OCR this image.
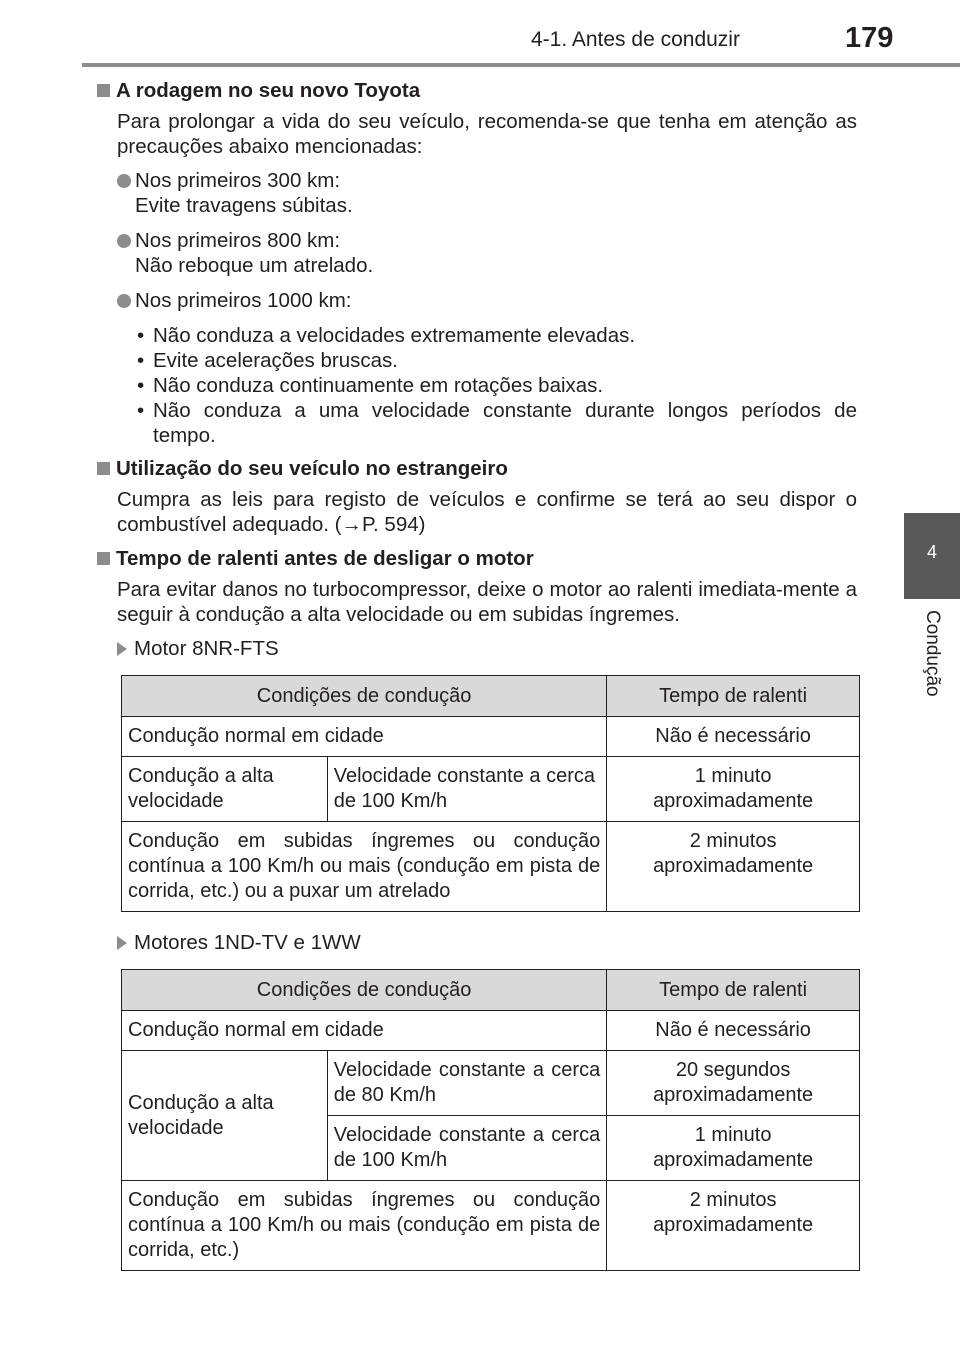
4-1. Antes de conduzir	179
4
Condução
A rodagem no seu novo Toyota

Para prolongar a vida do seu veículo, recomenda-se que tenha em atenção as precauções abaixo mencionadas:

Nos primeiros 300 km:
Evite travagens súbitas.
Nos primeiros 800 km:
Não reboque um atrelado.
Nos primeiros 1000 km:
• Não conduza a velocidades extremamente elevadas.
• Evite acelerações bruscas.
• Não conduza continuamente em rotações baixas.
• Não conduza a uma velocidade constante durante longos períodos de tempo.
Utilização do seu veículo no estrangeiro

Cumpra as leis para registo de veículos e confirme se terá ao seu dispor o combustível adequado. (→P. 594)

Tempo de ralenti antes de desligar o motor

Para evitar danos no turbocompressor, deixe o motor ao ralenti imediata-mente a seguir à condução a alta velocidade ou em subidas íngremes.

Motor 8NR-FTS
Condições de condução		Tempo de ralenti
Condução normal em cidade		Não é necessário
Condução a alta velocidade	Velocidade constante a cerca de 100 Km/h	1 minuto aproximadamente
Condução em subidas íngremes ou condução contínua a 100 Km/h ou mais (condução em pista de corrida, etc.) ou a puxar um atrelado		2 minutos aproximadamente
Motores 1ND-TV e 1WW
Condições de condução		Tempo de ralenti
Condução normal em cidade		Não é necessário
Condução a alta velocidade	Velocidade constante a cerca de 80 Km/h	20 segundos aproximadamente
	Velocidade constante a cerca de 100 Km/h	1 minuto aproximadamente
Condução em subidas íngremes ou condução contínua a 100 Km/h ou mais (condução em pista de corrida, etc.)		2 minutos aproximadamente
